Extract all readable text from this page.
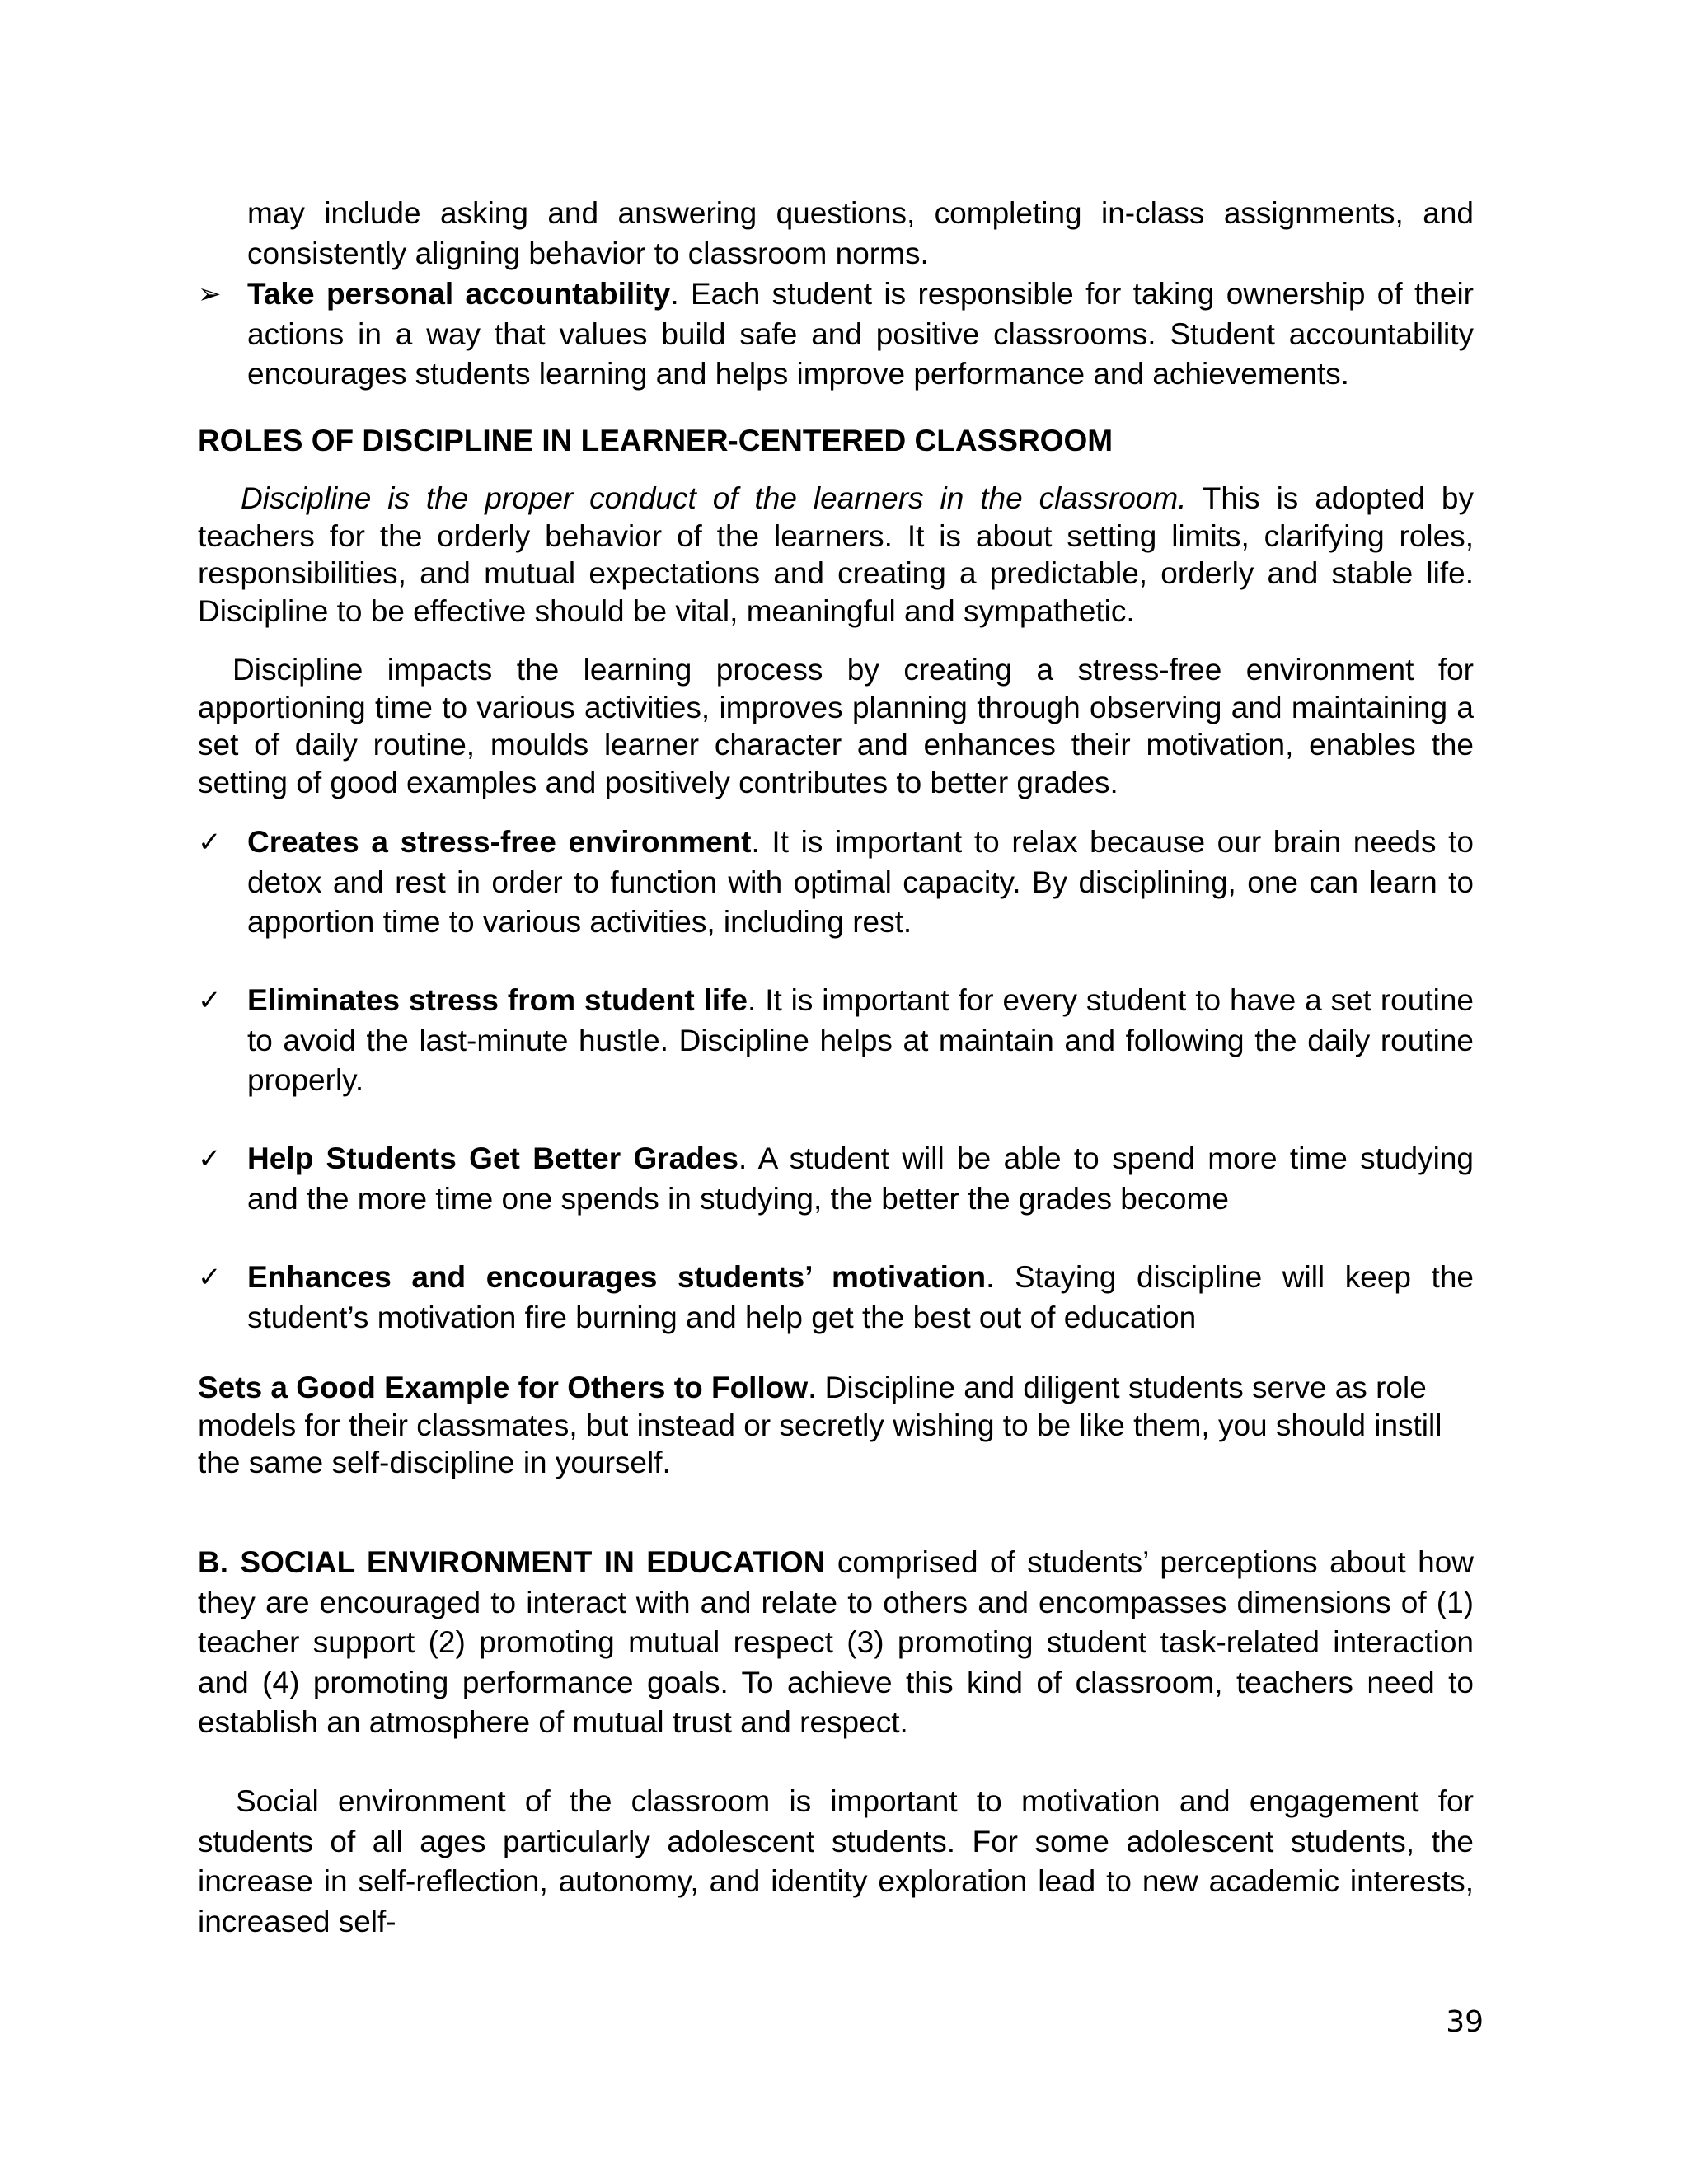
may include asking and answering questions, completing in-class assignments, and consistently aligning behavior to classroom norms.

➢ Take personal accountability. Each student is responsible for taking ownership of their actions in a way that values build safe and positive classrooms. Student accountability encourages students learning and helps improve performance and achievements.

ROLES OF DISCIPLINE IN LEARNER-CENTERED CLASSROOM

Discipline is the proper conduct of the learners in the classroom. This is adopted by teachers for the orderly behavior of the learners. It is about setting limits, clarifying roles, responsibilities, and mutual expectations and creating a predictable, orderly and stable life. Discipline to be effective should be vital, meaningful and sympathetic.

Discipline impacts the learning process by creating a stress-free environment for apportioning time to various activities, improves planning through observing and maintaining a set of daily routine, moulds learner character and enhances their motivation, enables the setting of good examples and positively contributes to better grades.

✓ Creates a stress-free environment. It is important to relax because our brain needs to detox and rest in order to function with optimal capacity. By disciplining, one can learn to apportion time to various activities, including rest.

✓ Eliminates stress from student life. It is important for every student to have a set routine to avoid the last-minute hustle. Discipline helps at maintain and following the daily routine properly.

✓ Help Students Get Better Grades. A student will be able to spend more time studying and the more time one spends in studying, the better the grades become

✓ Enhances and encourages students’ motivation. Staying discipline will keep the student’s motivation fire burning and help get the best out of education

Sets a Good Example for Others to Follow. Discipline and diligent students serve as role models for their classmates, but instead or secretly wishing to be like them, you should instill the same self-discipline in yourself.

B. SOCIAL ENVIRONMENT IN EDUCATION comprised of students’ perceptions about how they are encouraged to interact with and relate to others and encompasses dimensions of (1) teacher support (2) promoting mutual respect (3) promoting student task-related interaction and (4) promoting performance goals. To achieve this kind of classroom, teachers need to establish an atmosphere of mutual trust and respect.

Social environment of the classroom is important to motivation and engagement for students of all ages particularly adolescent students. For some adolescent students, the increase in self-reflection, autonomy, and identity exploration lead to new academic interests, increased self-

39
